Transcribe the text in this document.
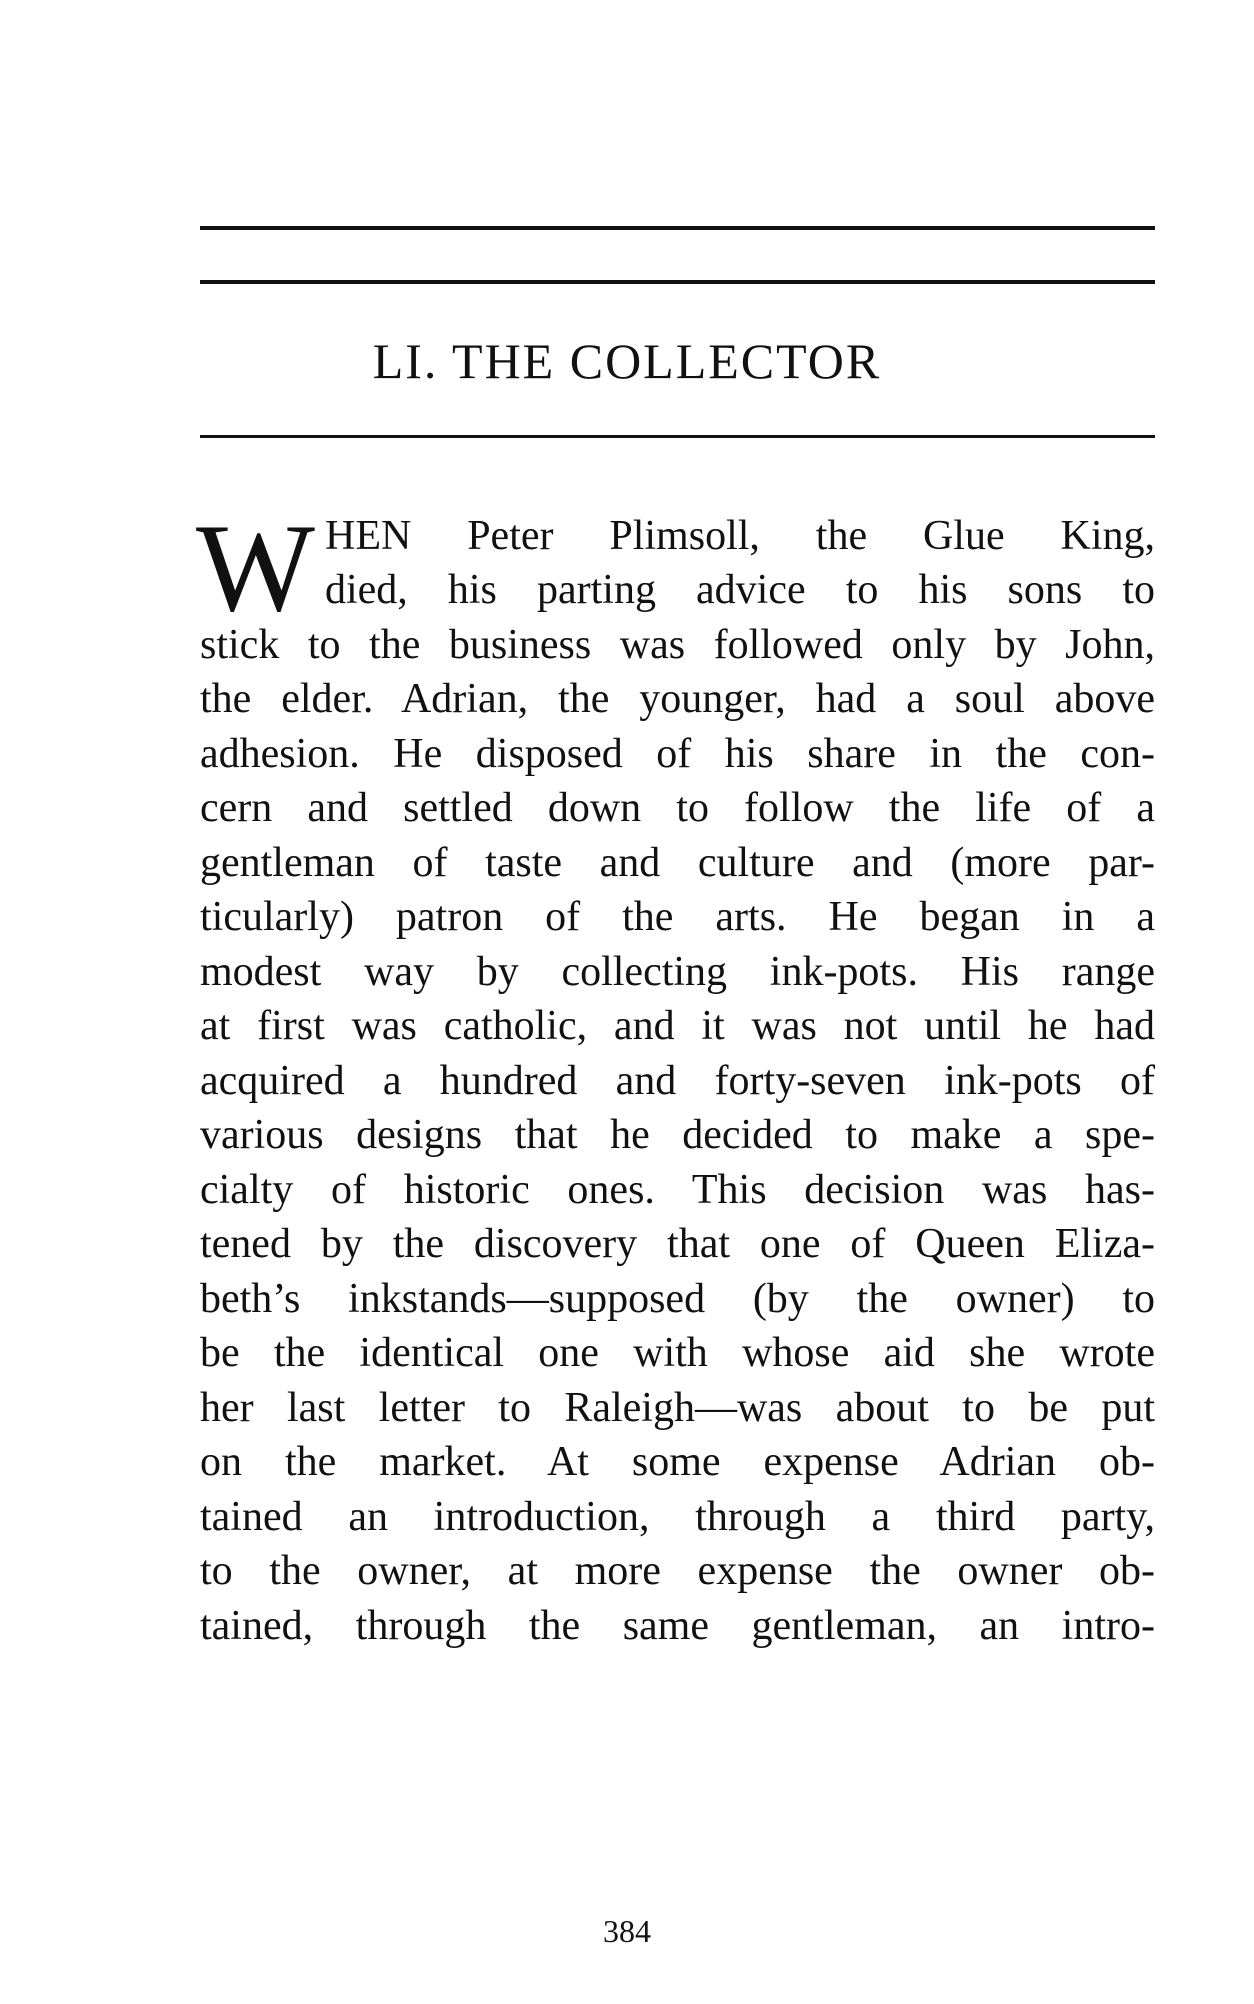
LI. THE COLLECTOR
W HEN Peter Plimsoll, the Glue King,
died, his parting advice to his sons to
stick to the business was followed only by John,
the elder. Adrian, the younger, had a soul above
adhesion. He disposed of his share in the con-
cern and settled down to follow the life of a
gentleman of taste and culture and (more par-
ticularly) patron of the arts. He began in a
modest way by collecting ink-pots. His range
at first was catholic, and it was not until he had
acquired a hundred and forty-seven ink-pots of
various designs that he decided to make a spe-
cialty of historic ones. This decision was has-
tened by the discovery that one of Queen Eliza-
beth’s inkstands—supposed (by the owner) to
be the identical one with whose aid she wrote
her last letter to Raleigh—was about to be put
on the market. At some expense Adrian ob-
tained an introduction, through a third party,
to the owner, at more expense the owner ob-
tained, through the same gentleman, an intro-
384
